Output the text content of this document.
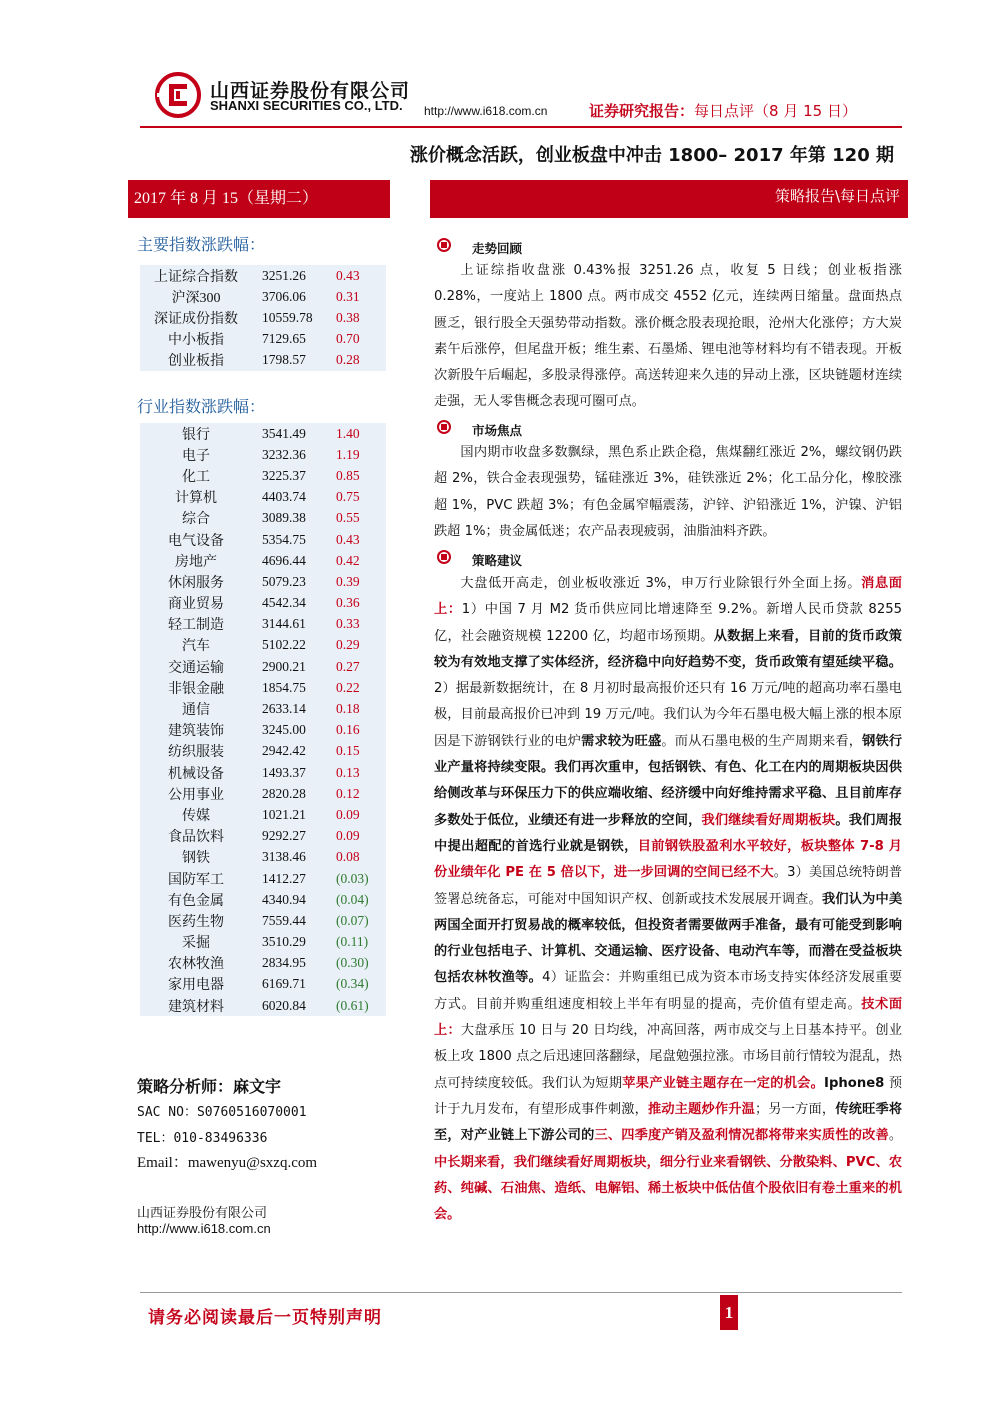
山西证券股份有限公司
SHANXI SECURITIES CO., LTD. http://www.i618.com.cn	证券研究报告：每日点评（8 月 15 日）
涨价概念活跃，创业板盘中冲击 1800– 2017 年第 120 期
2017 年 8 月 15（星期二）	策略报告\每日点评
主要指数涨跌幅：
上证综合指数	3251.26	0.43
沪深300	3706.06	0.31
深证成份指数	10559.78	0.38
中小板指	7129.65	0.70
创业板指	1798.57	0.28
行业指数涨跌幅：
银行	3541.49	1.40
电子	3232.36	1.19
化工	3225.37	0.85
计算机	4403.74	0.75
综合	3089.38	0.55
电气设备	5354.75	0.43
房地产	4696.44	0.42
休闲服务	5079.23	0.39
商业贸易	4542.34	0.36
轻工制造	3144.61	0.33
汽车	5102.22	0.29
交通运输	2900.21	0.27
非银金融	1854.75	0.22
通信	2633.14	0.18
建筑装饰	3245.00	0.16
纺织服装	2942.42	0.15
机械设备	1493.37	0.13
公用事业	2820.28	0.12
传媒	1021.21	0.09
食品饮料	9292.27	0.09
钢铁	3138.46	0.08
国防军工	1412.27	(0.03)
有色金属	4340.94	(0.04)
医药生物	7559.44	(0.07)
采掘	3510.29	(0.11)
农林牧渔	2834.95	(0.30)
家用电器	6169.71	(0.34)
建筑材料	6020.84	(0.61)
策略分析师：麻文宇
SAC NO：S0760516070001
TEL：010-83496336
Email：mawenyu@sxzq.com
山西证券股份有限公司
http://www.i618.com.cn
走势回顾
上证综指收盘涨 0.43%报 3251.26 点，收复 5 日线；创业板指涨 0.28%，一度站上 1800 点。两市成交 4552 亿元，连续两日缩量。盘面热点匮乏，银行股全天强势带动指数。涨价概念股表现抢眼，沧州大化涨停；方大炭素午后涨停，但尾盘开板；维生素、石墨烯、锂电池等材料均有不错表现。开板次新股午后崛起，多股录得涨停。高送转迎来久违的异动上涨，区块链题材连续走强，无人零售概念表现可圈可点。
市场焦点
国内期市收盘多数飘绿，黑色系止跌企稳，焦煤翻红涨近 2%，螺纹钢仍跌超 2%，铁合金表现强势，锰硅涨近 3%，硅铁涨近 2%；化工品分化，橡胶涨超 1%，PVC 跌超 3%；有色金属窄幅震荡，沪锌、沪铅涨近 1%，沪镍、沪铝跌超 1%；贵金属低迷；农产品表现疲弱，油脂油料齐跌。
策略建议
大盘低开高走，创业板收涨近 3%，申万行业除银行外全面上扬。消息面上：1）中国 7 月 M2 货币供应同比增速降至 9.2%。新增人民币贷款 8255 亿，社会融资规模 12200 亿，均超市场预期。从数据上来看，目前的货币政策较为有效地支撑了实体经济，经济稳中向好趋势不变，货币政策有望延续平稳。2）据最新数据统计，在 8 月初时最高报价还只有 16 万元/吨的超高功率石墨电极，目前最高报价已冲到 19 万元/吨。我们认为今年石墨电极大幅上涨的根本原因是下游钢铁行业的电炉需求较为旺盛。而从石墨电极的生产周期来看，钢铁行业产量将持续变限。我们再次重申，包括钢铁、有色、化工在内的周期板块因供给侧改革与环保压力下的供应端收缩、经济缓中向好维持需求平稳、且目前库存多数处于低位，业绩还有进一步释放的空间，我们继续看好周期板块。我们周报中提出超配的首选行业就是钢铁，目前钢铁股盈利水平较好，板块整体 7-8 月份业绩年化 PE 在 5 倍以下，进一步回调的空间已经不大。3）美国总统特朗普签署总统备忘，可能对中国知识产权、创新或技术发展展开调查。我们认为中美两国全面开打贸易战的概率较低，但投资者需要做两手准备，最有可能受到影响的行业包括电子、计算机、交通运输、医疗设备、电动汽车等，而潜在受益板块包括农林牧渔等。4）证监会：并购重组已成为资本市场支持实体经济发展重要方式。目前并购重组速度相较上半年有明显的提高，壳价值有望走高。技术面上：大盘承压 10 日与 20 日均线，冲高回落，两市成交与上日基本持平。创业板上攻 1800 点之后迅速回落翻绿，尾盘勉强拉涨。市场目前行情较为混乱，热点可持续度较低。我们认为短期苹果产业链主题存在一定的机会。Iphone8 预计于九月发布，有望形成事件刺激，推动主题炒作升温；另一方面，传统旺季将至，对产业链上下游公司的三、四季度产销及盈利情况都将带来实质性的改善。中长期来看，我们继续看好周期板块，细分行业来看钢铁、分散染料、PVC、农药、纯碱、石油焦、造纸、电解铝、稀土板块中低估值个股依旧有卷土重来的机会。
请务必阅读最后一页特别声明	1
